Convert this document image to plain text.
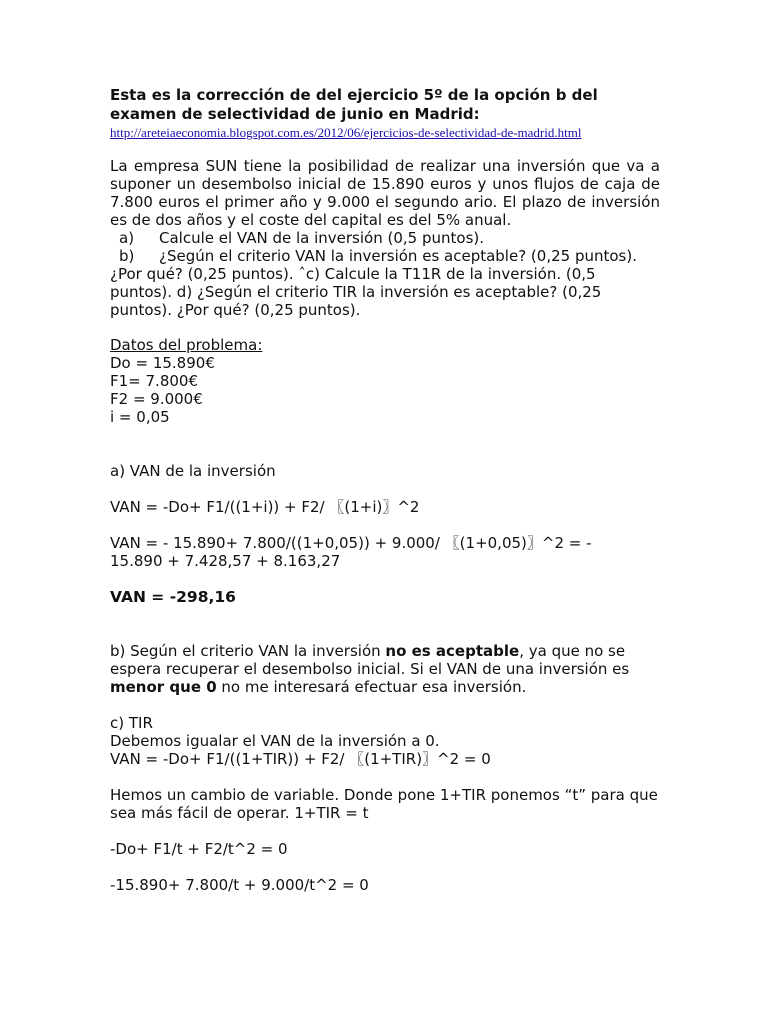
Esta es la corrección de del ejercicio 5º de la opción b del examen de selectividad de junio en Madrid:

http://areteiaeconomia.blogspot.com.es/2012/06/ejercicios-de-selectividad-de-madrid.html

La empresa SUN tiene la posibilidad de realizar una inversión que va a suponer un desembolso inicial de 15.890 euros y unos flujos de caja de 7.800 euros el primer año y 9.000 el segundo ario. El plazo de inversión es de dos años y el coste del capital es del 5% anual.

a)	Calcule el VAN de la inversión (0,5 puntos).
b)	¿Según el criterio VAN la inversión es aceptable? (0,25 puntos).

¿Por qué? (0,25 puntos). ˆc) Calcule la T11R de la inversión. (0,5 puntos). d) ¿Según el criterio TIR la inversión es aceptable? (0,25 puntos). ¿Por qué? (0,25 puntos).

Datos del problema:

Do = 15.890€

F1= 7.800€

F2 = 9.000€

i = 0,05

a) VAN de la inversión

VAN = -Do+ F1/((1+i)) + F2/ 〖(1+i)〗^2

VAN = - 15.890+ 7.800/((1+0,05)) + 9.000/ 〖(1+0,05)〗^2 = -

15.890 + 7.428,57 + 8.163,27

VAN = -298,16

b) Según el criterio VAN la inversión no es aceptable, ya que no se espera recuperar el desembolso inicial. Si el VAN de una inversión es menor que 0 no me interesará efectuar esa inversión.

c) TIR

Debemos igualar el VAN de la inversión a 0.

VAN = -Do+ F1/((1+TIR)) + F2/ 〖(1+TIR)〗^2 = 0

Hemos un cambio de variable. Donde pone 1+TIR ponemos “t” para que sea más fácil de operar. 1+TIR = t

-Do+ F1/t + F2/t^2 = 0

-15.890+ 7.800/t + 9.000/t^2 = 0
